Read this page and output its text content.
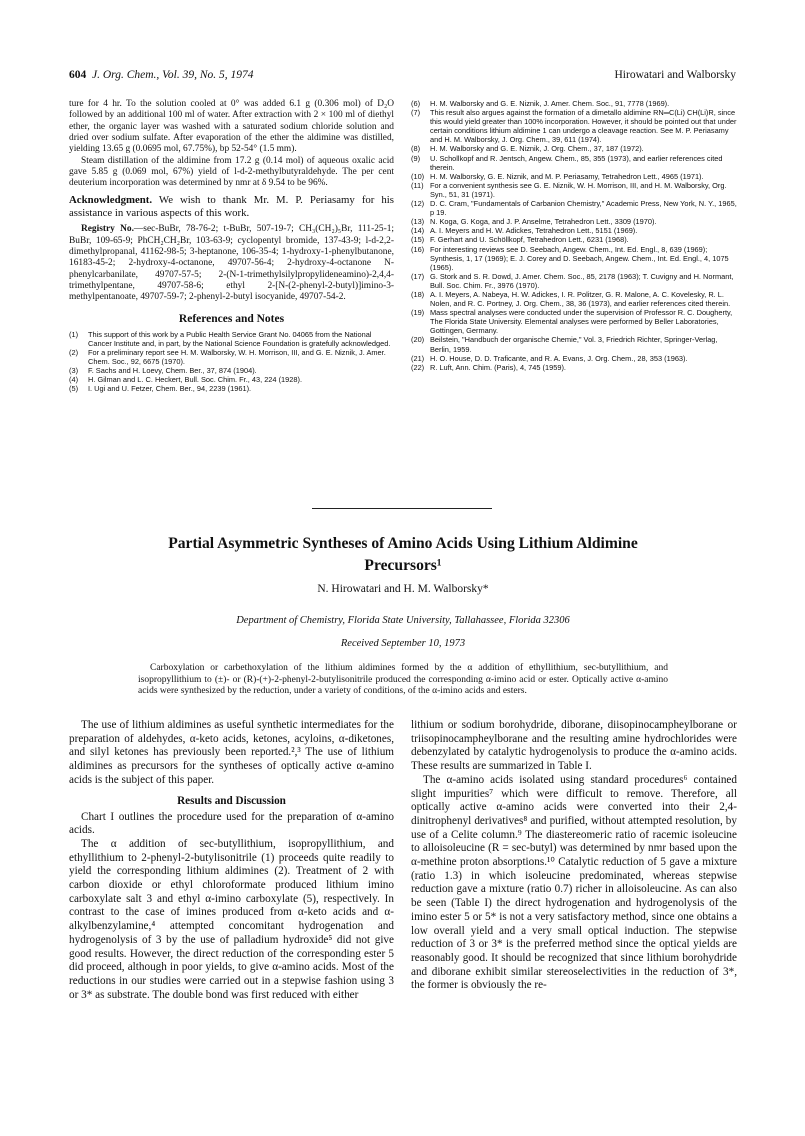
604 J. Org. Chem., Vol. 39, No. 5, 1974	Hirowatari and Walborsky

ture for 4 hr. To the solution cooled at 0° was added 6.1 g (0.306 mol) of D₂O followed by an additional 100 ml of water. After extraction with 2 × 100 ml of diethyl ether, the organic layer was washed with a saturated sodium chloride solution and dried over sodium sulfate. After evaporation of the ether the aldimine was distilled, yielding 13.65 g (0.0695 mol, 67.75%), bp 52-54° (1.5 mm).

Steam distillation of the aldimine from 17.2 g (0.14 mol) of aqueous oxalic acid gave 5.85 g (0.069 mol, 67%) yield of l-d-2-methylbutyraldehyde. The per cent deuterium incorporation was determined by nmr at δ 9.54 to be 96%.

Acknowledgment. We wish to thank Mr. M. P. Periasamy for his assistance in various aspects of this work.

Registry No.—sec-BuBr, 78-76-2; t-BuBr, 507-19-7; CH₃(CH₂)₅Br, 111-25-1; BuBr, 109-65-9; PhCH₂CH₂Br, 103-63-9; cyclopentyl bromide, 137-43-9; l-d-2,2-dimethylpropanal, 41162-98-5; 3-heptanone, 106-35-4; 1-hydroxy-1-phenylbutanone, 16183-45-2; 2-hydroxy-4-octanone, 49707-56-4; 2-hydroxy-4-octanone N-phenylcarbanilate, 49707-57-5; 2-(N-1-trimethylsilylpropylideneamino)-2,4,4-trimethylpentane, 49707-58-6; ethyl 2-[N-(2-phenyl-2-butyl)]imino-3-methylpentanoate, 49707-59-7; 2-phenyl-2-butyl isocyanide, 49707-54-2.

References and Notes
(1) This support of this work by a Public Health Service Grant No. 04065 from the National Cancer Institute and, in part, by the National Science Foundation is gratefully acknowledged.
(2) For a preliminary report see H. M. Walborsky, W. H. Morrison, III, and G. E. Niznik, J. Amer. Chem. Soc., 92, 6675 (1970).
(3) F. Sachs and H. Loevy, Chem. Ber., 37, 874 (1904).
(4) H. Gilman and L. C. Heckert, Bull. Soc. Chim. Fr., 43, 224 (1928).
(5) I. Ugi and U. Fetzer, Chem. Ber., 94, 2239 (1961).
(6) H. M. Walborsky and G. E. Niznik, J. Amer. Chem. Soc., 91, 7778 (1969).
(7) This result also argues against the formation of a dimetallo aldimine RN═C(Li) CH(Li)R, since this would yield greater than 100% incorporation. However, it should be pointed out that under certain conditions lithium aldimine 1 can undergo a cleavage reaction. See M. P. Periasamy and H. M. Walborsky, J. Org. Chem., 39, 611 (1974).
(8) H. M. Walborsky and G. E. Niznik, J. Org. Chem., 37, 187 (1972).
(9) U. Schollkopf and R. Jentsch, Angew. Chem., 85, 355 (1973), and earlier references cited therein.
(10) H. M. Walborsky, G. E. Niznik, and M. P. Periasamy, Tetrahedron Lett., 4965 (1971).
(11) For a convenient synthesis see G. E. Niznik, W. H. Morrison, III, and H. M. Walborsky, Org. Syn., 51, 31 (1971).
(12) D. C. Cram, "Fundamentals of Carbanion Chemistry," Academic Press, New York, N. Y., 1965, p 19.
(13) N. Koga, G. Koga, and J. P. Anselme, Tetrahedron Lett., 3309 (1970).
(14) A. I. Meyers and H. W. Adickes, Tetrahedron Lett., 5151 (1969).
(15) F. Gerhart and U. Schöllkopf, Tetrahedron Lett., 6231 (1968).
(16) For interesting reviews see D. Seebach, Angew. Chem., Int. Ed. Engl., 8, 639 (1969); Synthesis, 1, 17 (1969); E. J. Corey and D. Seebach, Angew. Chem., Int. Ed. Engl., 4, 1075 (1965).
(17) G. Stork and S. R. Dowd, J. Amer. Chem. Soc., 85, 2178 (1963); T. Cuvigny and H. Normant, Bull. Soc. Chim. Fr., 3976 (1970).
(18) A. I. Meyers, A. Nabeya, H. W. Adickes, I. R. Politzer, G. R. Malone, A. C. Kovelesky, R. L. Nolen, and R. C. Portney, J. Org. Chem., 38, 36 (1973), and earlier references cited therein.
(19) Mass spectral analyses were conducted under the supervision of Professor R. C. Dougherty, The Florida State University. Elemental analyses were performed by Beller Laboratories, Gottingen, Germany.
(20) Beilstein, "Handbuch der organische Chemie," Vol. 3, Friedrich Richter, Springer-Verlag, Berlin, 1959.
(21) H. O. House, D. D. Traficante, and R. A. Evans, J. Org. Chem., 28, 353 (1963).
(22) R. Luft, Ann. Chim. (Paris), 4, 745 (1959).
Partial Asymmetric Syntheses of Amino Acids Using Lithium Aldimine
Precursors¹
N. Hirowatari and H. M. Walborsky*
Department of Chemistry, Florida State University, Tallahassee, Florida 32306
Received September 10, 1973

Carboxylation or carbethoxylation of the lithium aldimines formed by the α addition of ethyllithium, sec-butyllithium, and isopropyllithium to (±)- or (R)-(+)-2-phenyl-2-butylisonitrile produced the corresponding α-imino acid or ester. Optically active α-amino acids were synthesized by the reduction, under a variety of conditions, of the α-imino acids and esters.

The use of lithium aldimines as useful synthetic intermediates for the preparation of aldehydes, α-keto acids, ketones, acyloins, α-diketones, and silyl ketones has previously been reported.²,³ The use of lithium aldimines as precursors for the syntheses of optically active α-amino acids is the subject of this paper.

Results and Discussion

Chart I outlines the procedure used for the preparation of α-amino acids.

The α addition of sec-butyllithium, isopropyllithium, and ethyllithium to 2-phenyl-2-butylisonitrile (1) proceeds quite readily to yield the corresponding lithium aldimines (2). Treatment of 2 with carbon dioxide or ethyl chloroformate produced lithium imino carboxylate salt 3 and ethyl α-imino carboxylate (5), respectively. In contrast to the case of imines produced from α-keto acids and α-alkylbenzylamine,⁴ attempted concomitant hydrogenation and hydrogenolysis of 3 by the use of palladium hydroxide⁵ did not give good results. However, the direct reduction of the corresponding ester 5 did proceed, although in poor yields, to give α-amino acids. Most of the reductions in our studies were carried out in a stepwise fashion using 3 or 3* as substrate. The double bond was first reduced with either

lithium or sodium borohydride, diborane, diisopinocampheylborane or triisopinocampheylborane and the resulting amine hydrochlorides were debenzylated by catalytic hydrogenolysis to produce the α-amino acids. These results are summarized in Table I.

The α-amino acids isolated using standard procedures⁶ contained slight impurities⁷ which were difficult to remove. Therefore, all optically active α-amino acids were converted into their 2,4-dinitrophenyl derivatives⁸ and purified, without attempted resolution, by use of a Celite column.⁹ The diastereomeric ratio of racemic isoleucine to alloisoleucine (R = sec-butyl) was determined by nmr based upon the α-methine proton absorptions.¹⁰ Catalytic reduction of 5 gave a mixture (ratio 1.3) in which isoleucine predominated, whereas stepwise reduction gave a mixture (ratio 0.7) richer in alloisoleucine. As can also be seen (Table I) the direct hydrogenation and hydrogenolysis of the imino ester 5 or 5* is not a very satisfactory method, since one obtains a low overall yield and a very small optical induction. The stepwise reduction of 3 or 3* is the preferred method since the optical yields are reasonably good. It should be recognized that since lithium borohydride and diborane exhibit similar stereoselectivities in the reduction of 3*, the former is obviously the re-
